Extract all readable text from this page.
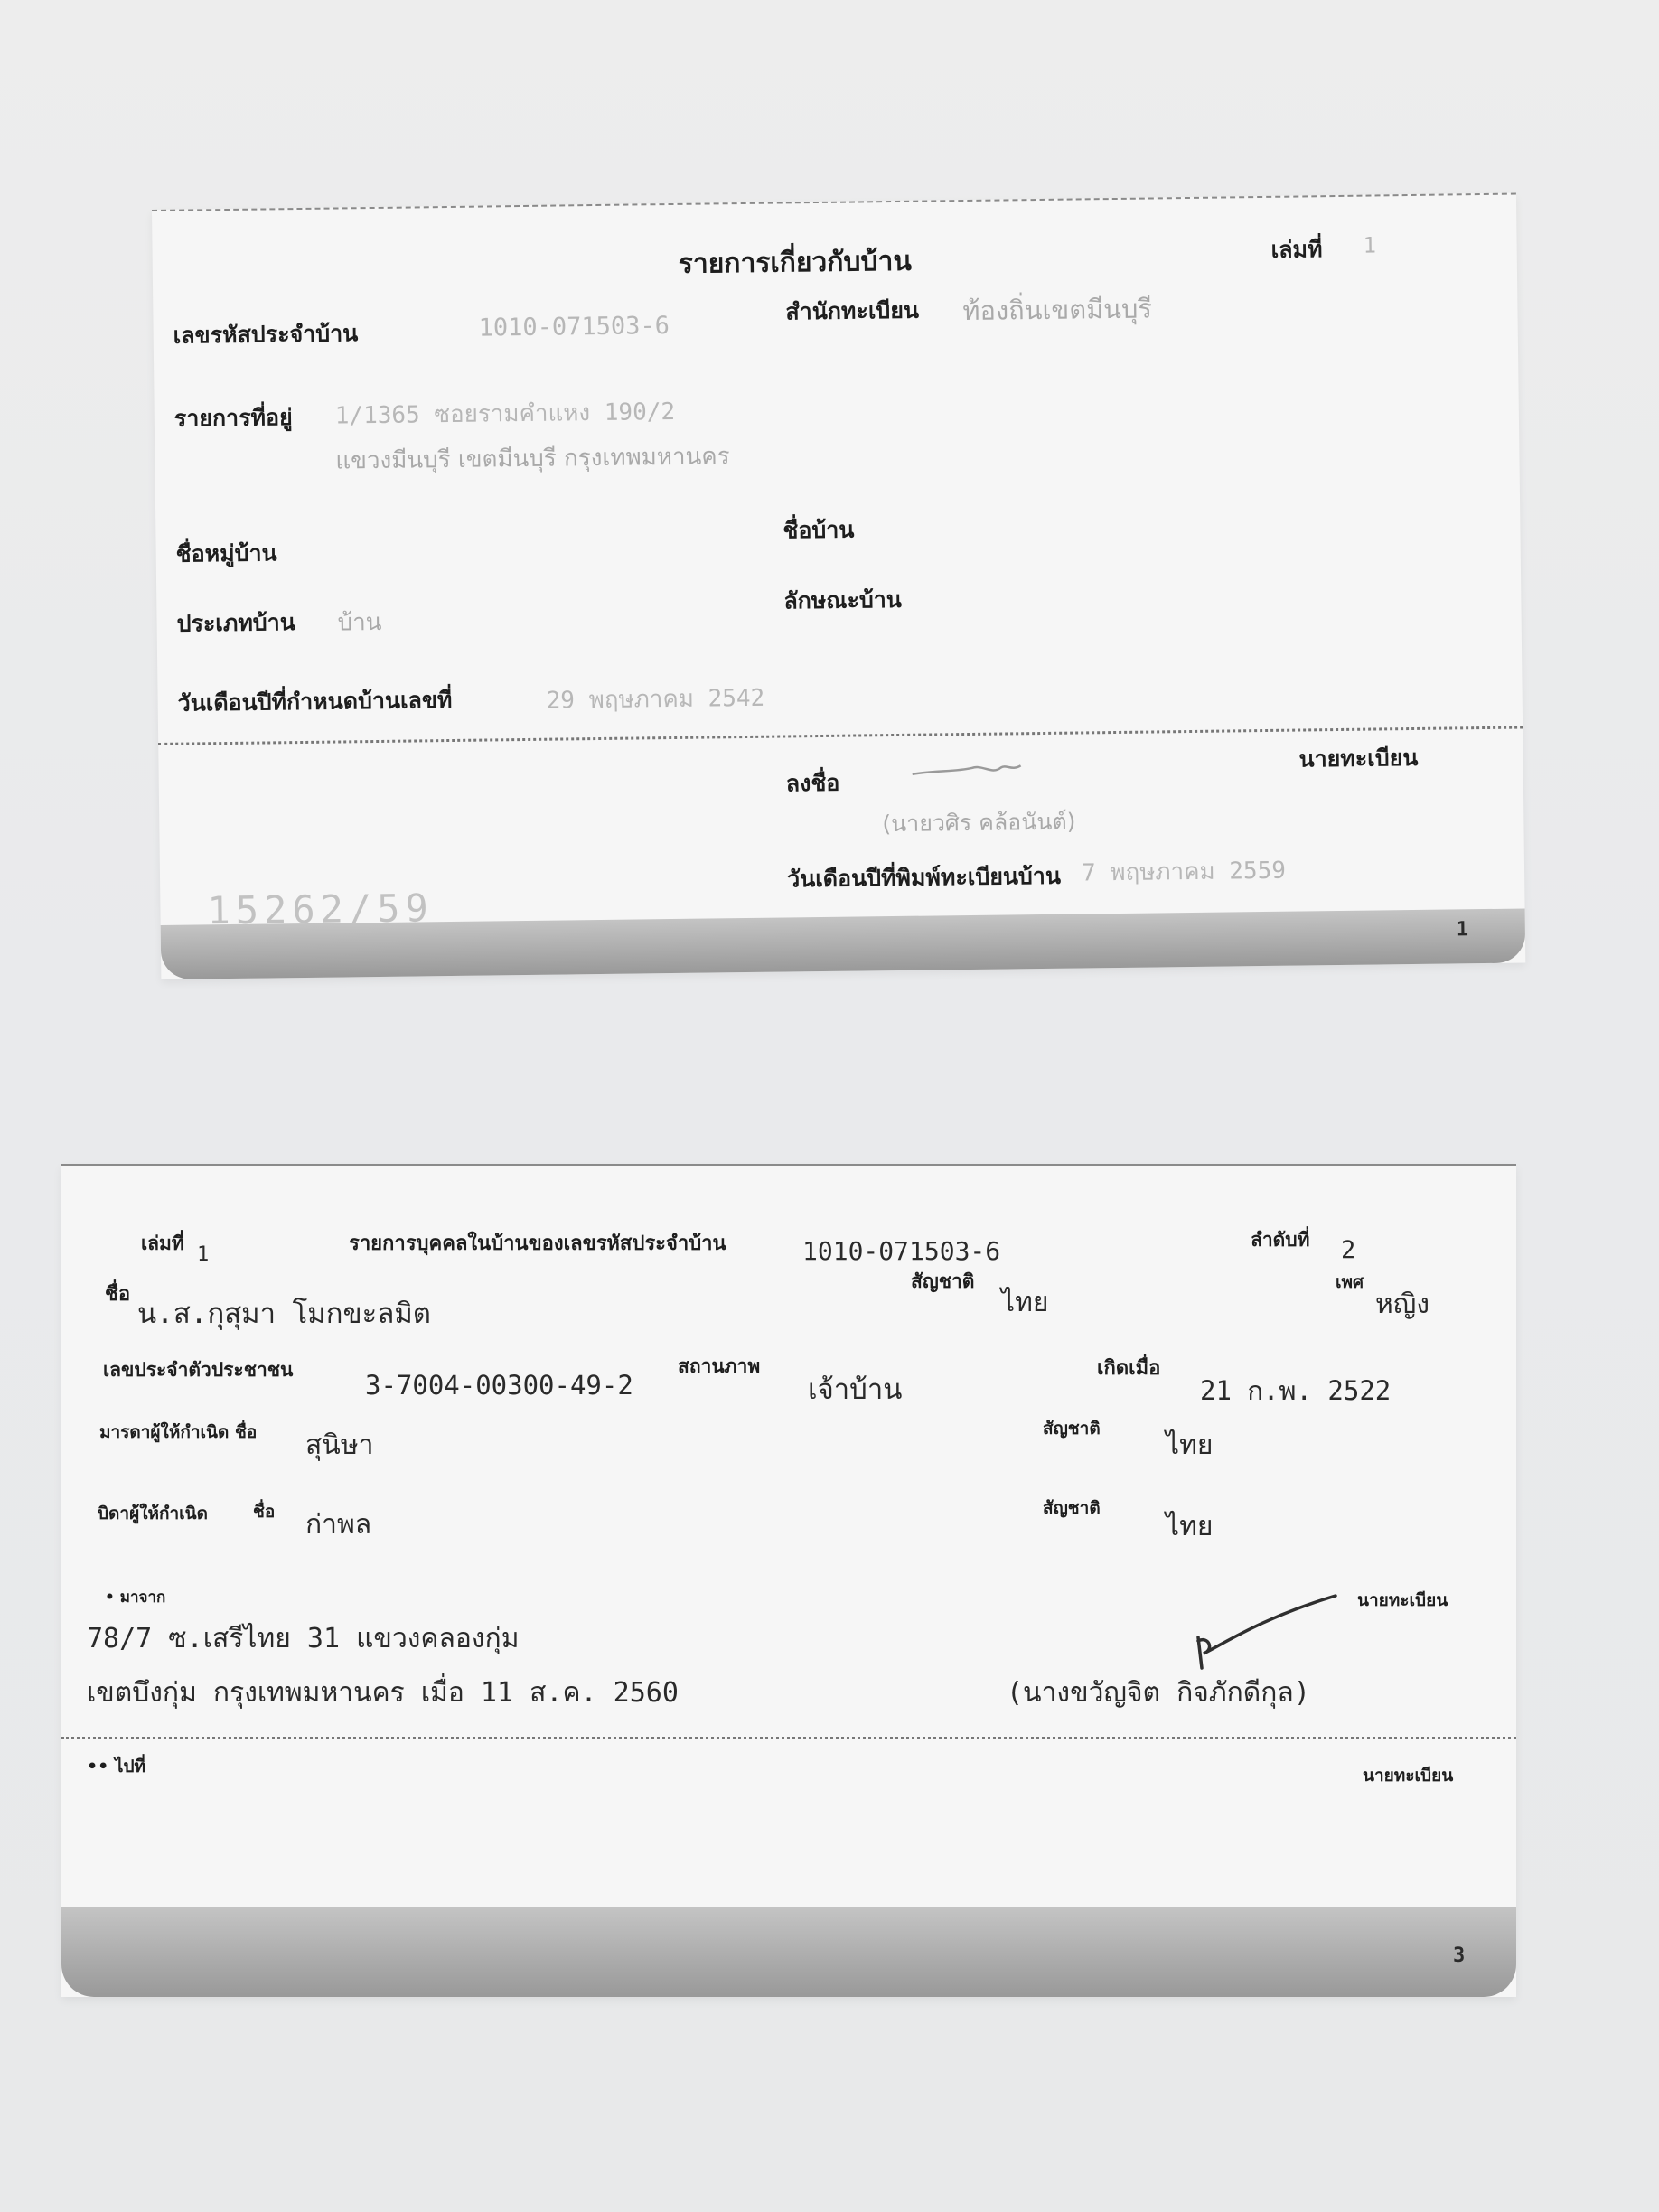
รายการเกี่ยวกับบ้าน	เล่มที่ 1
เลขรหัสประจำบ้าน	1010-071503-6
สำนักทะเบียน ท้องถิ่นเขตมีนบุรี
รายการที่อยู่ 1/1365 ซอยรามคำแหง 190/2
แขวงมีนบุรี เขตมีนบุรี กรุงเทพมหานคร
ชื่อหมู่บ้าน
ชื่อบ้าน
ประเภทบ้าน บ้าน
ลักษณะบ้าน
วันเดือนปีที่กำหนดบ้านเลขที่	29 พฤษภาคม 2542
ลงชื่อ
นายทะเบียน
(นายวศิร คล้อนันต์)
วันเดือนปีที่พิมพ์ทะเบียนบ้าน 7 พฤษภาคม 2559
15262/59	1
เล่มที่ 1	รายการบุคคลในบ้านของเลขรหัสประจำบ้าน	1010-071503-6	ลำดับที่ 2
ชื่อ
น.ส.กุสุมา โมกขะลมิต
สัญชาติ
ไทย
เพศ
หญิง
เลขประจำตัวประชาชน	3-7004-00300-49-2
สถานภาพ
เจ้าบ้าน
เกิดเมื่อ
21 ก.พ. 2522
มารดาผู้ให้กำเนิด ชื่อ สุนิษา
สัญชาติ
ไทย
บิดาผู้ให้กำเนิด	ชื่อ ก่าพล
สัญชาติ
ไทย
• มาจาก	นายทะเบียน
78/7 ซ.เสรีไทย 31 แขวงคลองกุ่ม
เขตบึงกุ่ม กรุงเทพมหานคร เมื่อ 11 ส.ค. 2560	(นางขวัญจิต กิจภักดีกุล)
•• ไปที่	นายทะเบียน
3
